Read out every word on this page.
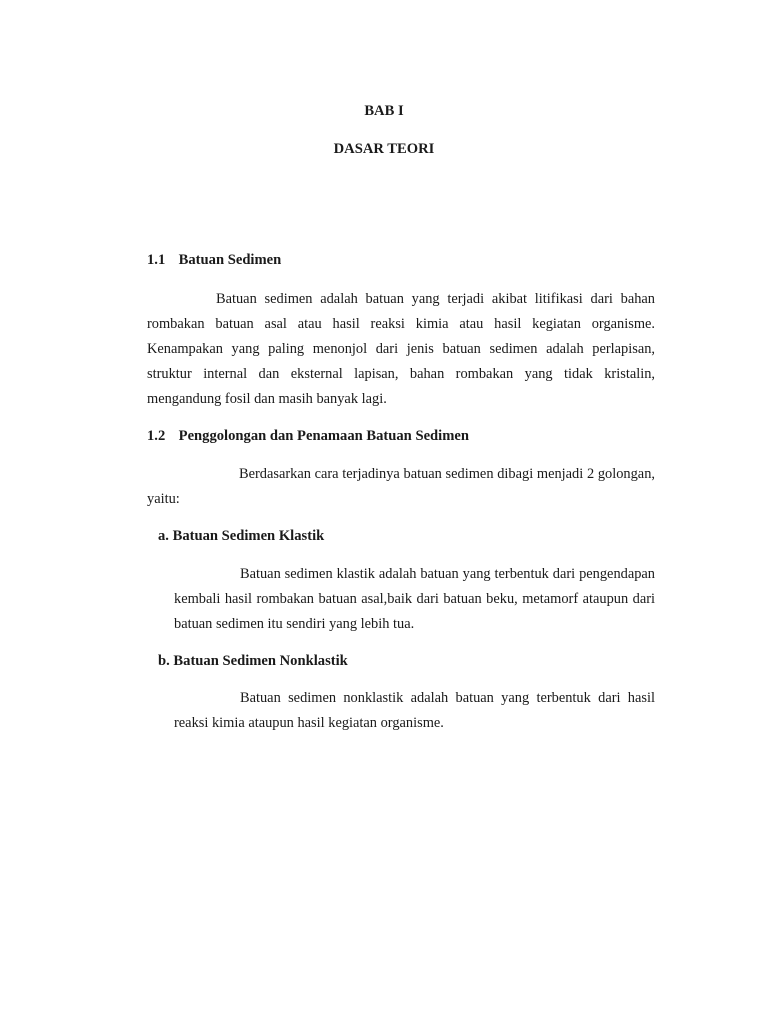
BAB I
DASAR TEORI
1.1 Batuan Sedimen

Batuan sedimen adalah batuan yang terjadi akibat litifikasi dari bahan rombakan batuan asal atau hasil reaksi kimia atau hasil kegiatan organisme. Kenampakan yang paling menonjol dari jenis batuan sedimen adalah perlapisan, struktur internal dan eksternal lapisan, bahan rombakan yang tidak kristalin, mengandung fosil dan masih banyak lagi.

1.2 Penggolongan dan Penamaan Batuan Sedimen

Berdasarkan cara terjadinya batuan sedimen dibagi menjadi 2 golongan, yaitu:

a. Batuan Sedimen Klastik

Batuan sedimen klastik adalah batuan yang terbentuk dari pengendapan kembali hasil rombakan batuan asal,baik dari batuan beku, metamorf ataupun dari batuan sedimen itu sendiri yang lebih tua.

b. Batuan Sedimen Nonklastik

Batuan sedimen nonklastik adalah batuan yang terbentuk dari hasil reaksi kimia ataupun hasil kegiatan organisme.
